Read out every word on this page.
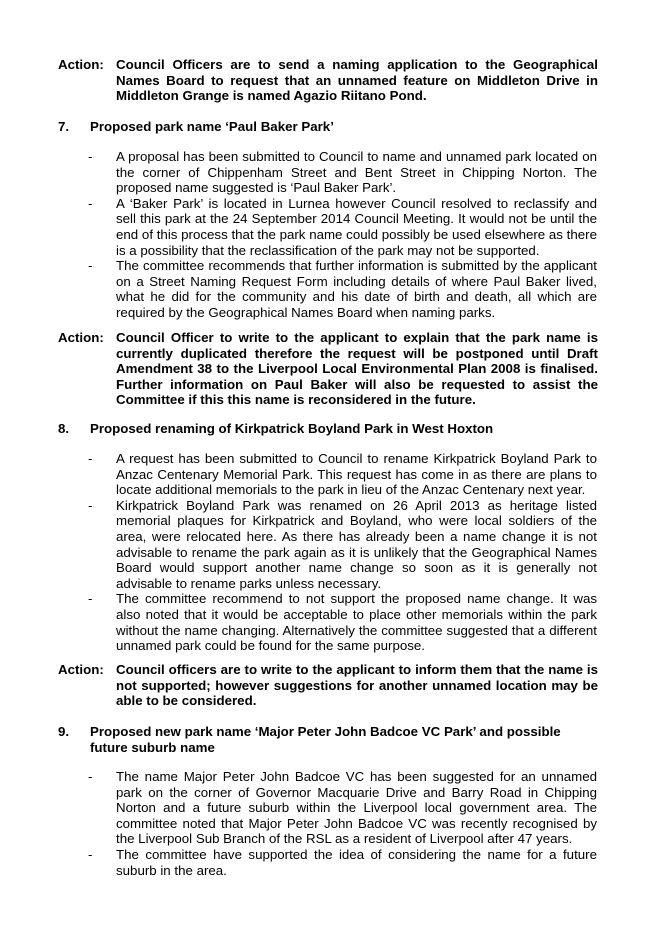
Action: Council Officers are to send a naming application to the Geographical Names Board to request that an unnamed feature on Middleton Drive in Middleton Grange is named Agazio Riitano Pond.
7. Proposed park name ‘Paul Baker Park’
- A proposal has been submitted to Council to name and unnamed park located on the corner of Chippenham Street and Bent Street in Chipping Norton. The proposed name suggested is ‘Paul Baker Park’.
- A ‘Baker Park’ is located in Lurnea however Council resolved to reclassify and sell this park at the 24 September 2014 Council Meeting. It would not be until the end of this process that the park name could possibly be used elsewhere as there is a possibility that the reclassification of the park may not be supported.
- The committee recommends that further information is submitted by the applicant on a Street Naming Request Form including details of where Paul Baker lived, what he did for the community and his date of birth and death, all which are required by the Geographical Names Board when naming parks.
Action: Council Officer to write to the applicant to explain that the park name is currently duplicated therefore the request will be postponed until Draft Amendment 38 to the Liverpool Local Environmental Plan 2008 is finalised. Further information on Paul Baker will also be requested to assist the Committee if this this name is reconsidered in the future.
8. Proposed renaming of Kirkpatrick Boyland Park in West Hoxton
- A request has been submitted to Council to rename Kirkpatrick Boyland Park to Anzac Centenary Memorial Park. This request has come in as there are plans to locate additional memorials to the park in lieu of the Anzac Centenary next year.
- Kirkpatrick Boyland Park was renamed on 26 April 2013 as heritage listed memorial plaques for Kirkpatrick and Boyland, who were local soldiers of the area, were relocated here. As there has already been a name change it is not advisable to rename the park again as it is unlikely that the Geographical Names Board would support another name change so soon as it is generally not advisable to rename parks unless necessary.
- The committee recommend to not support the proposed name change. It was also noted that it would be acceptable to place other memorials within the park without the name changing. Alternatively the committee suggested that a different unnamed park could be found for the same purpose.
Action: Council officers are to write to the applicant to inform them that the name is not supported; however suggestions for another unnamed location may be able to be considered.
9. Proposed new park name ‘Major Peter John Badcoe VC Park’ and possible future suburb name
- The name Major Peter John Badcoe VC has been suggested for an unnamed park on the corner of Governor Macquarie Drive and Barry Road in Chipping Norton and a future suburb within the Liverpool local government area. The committee noted that Major Peter John Badcoe VC was recently recognised by the Liverpool Sub Branch of the RSL as a resident of Liverpool after 47 years.
- The committee have supported the idea of considering the name for a future suburb in the area.
